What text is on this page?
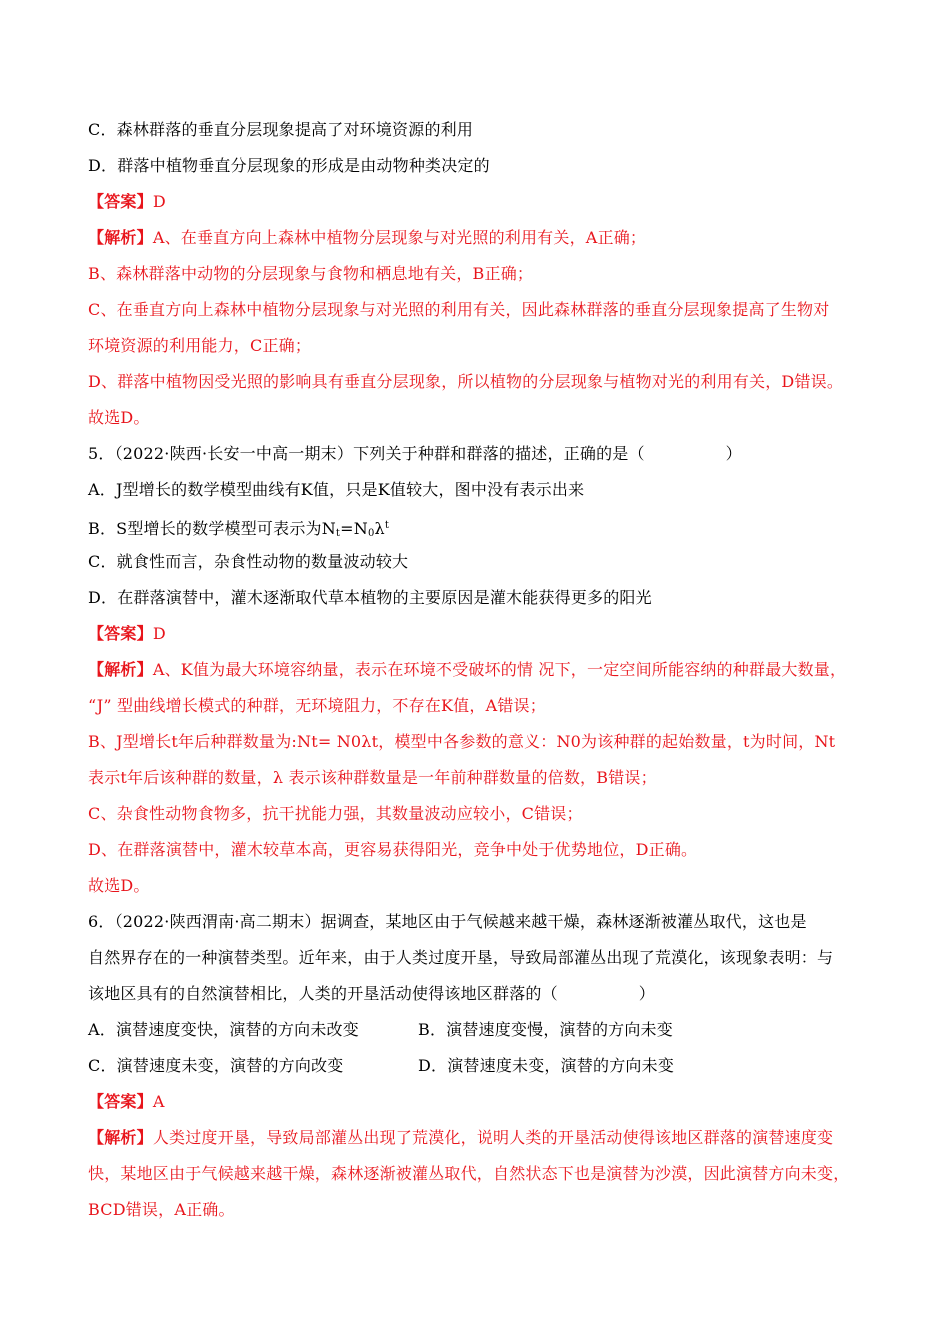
C．森林群落的垂直分层现象提高了对环境资源的利用
D．群落中植物垂直分层现象的形成是由动物种类决定的
【答案】D
【解析】A、在垂直方向上森林中植物分层现象与对光照的利用有关，A正确；
B、森林群落中动物的分层现象与食物和栖息地有关，B正确；
C、在垂直方向上森林中植物分层现象与对光照的利用有关，因此森林群落的垂直分层现象提高了生物对
环境资源的利用能力，C正确；
D、群落中植物因受光照的影响具有垂直分层现象，所以植物的分层现象与植物对光的利用有关，D错误。
故选D。
5．（2022·陕西·长安一中高一期末）下列关于种群和群落的描述，正确的是（　　　　　）
A．J型增长的数学模型曲线有K值，只是K值较大，图中没有表示出来
B．S型增长的数学模型可表示为$N_t=N_0\lambda^t$
C．就食性而言，杂食性动物的数量波动较大
D．在群落演替中，灌木逐渐取代草本植物的主要原因是灌木能获得更多的阳光
【答案】D
【解析】A、K值为最大环境容纳量，表示在环境不受破坏的情 况下，一定空间所能容纳的种群最大数量，
“J” 型曲线增长模式的种群，无环境阻力，不存在K值，A错误；
B、J型增长t年后种群数量为:Nt= N0λt，模型中各参数的意义：N0为该种群的起始数量，t为时间，Nt
表示t年后该种群的数量，λ 表示该种群数量是一年前种群数量的倍数，B错误；
C、杂食性动物食物多，抗干扰能力强，其数量波动应较小，C错误；
D、在群落演替中，灌木较草本高，更容易获得阳光，竞争中处于优势地位，D正确。
故选D。
6．（2022·陕西渭南·高二期末）据调查，某地区由于气候越来越干燥，森林逐渐被灌丛取代，这也是
自然界存在的一种演替类型。近年来，由于人类过度开垦，导致局部灌丛出现了荒漠化，该现象表明：与
该地区具有的自然演替相比，人类的开垦活动使得该地区群落的（　　　　　）
A．演替速度变快，演替的方向未改变	B．演替速度变慢，演替的方向未变
C．演替速度未变，演替的方向改变	D．演替速度未变，演替的方向未变
【答案】A
【解析】人类过度开垦，导致局部灌丛出现了荒漠化，说明人类的开垦活动使得该地区群落的演替速度变
快，某地区由于气候越来越干燥，森林逐渐被灌丛取代，自然状态下也是演替为沙漠，因此演替方向未变，
BCD错误，A正确。
